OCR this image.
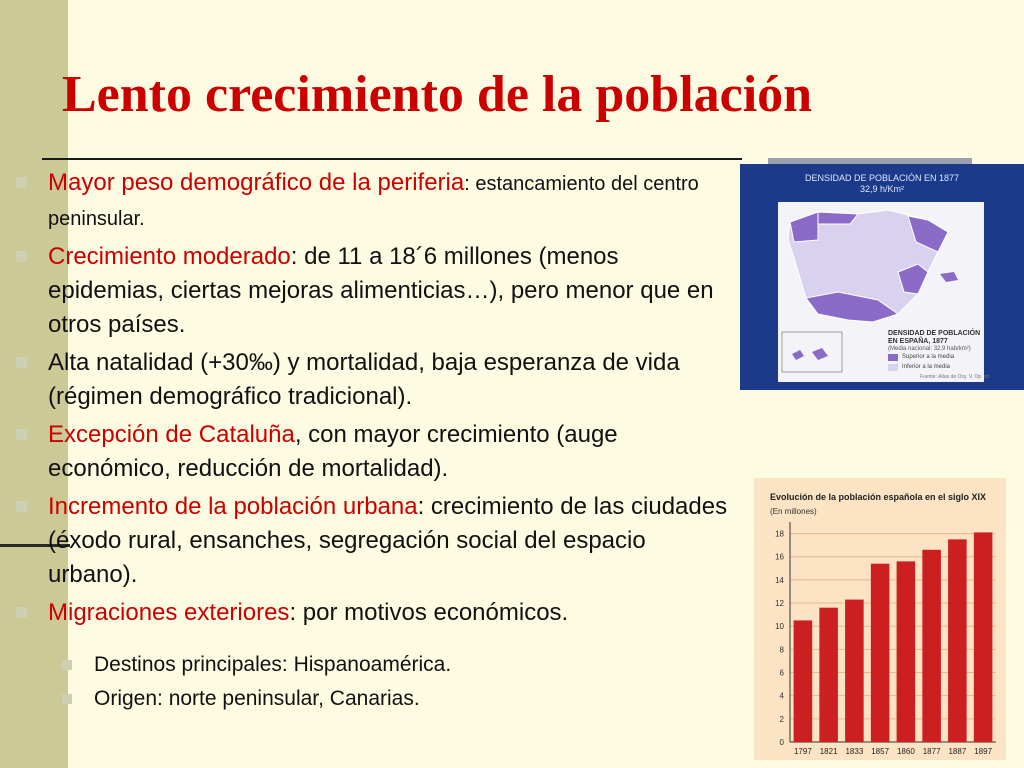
Lento crecimiento de la población
Mayor peso demográfico de la periferia: estancamiento del centro peninsular.
Crecimiento moderado: de 11 a 18´6 millones (menos epidemias, ciertas mejoras alimenticias…), pero menor que en otros países.
Alta natalidad (+30‰) y mortalidad, baja esperanza de vida (régimen demográfico tradicional).
Excepción de Cataluña, con mayor crecimiento (auge económico, reducción de mortalidad).
Incremento de la población urbana: crecimiento de las ciudades (éxodo rural, ensanches, segregación social del espacio urbano).
Migraciones exteriores: por motivos económicos.
Destinos principales: Hispanoamérica.
Origen: norte peninsular, Canarias.
DENSIDAD DE POBLACIÓN EN 1877
32,9 h/Km²
DENSIDAD DE POBLACIÓN EN ESPAÑA, 1877
(Media nacional: 32,9 hab/km²)
Superior a la media
Inferior a la media
Fuente: Atlas de Oxy. V, Op. cit.
Evolución de la población española en el siglo XIX
(En millones)
0
2
4
6
8
10
12
14
16
18
1797 1821 1833 1857 1860 1877 1887 1897
